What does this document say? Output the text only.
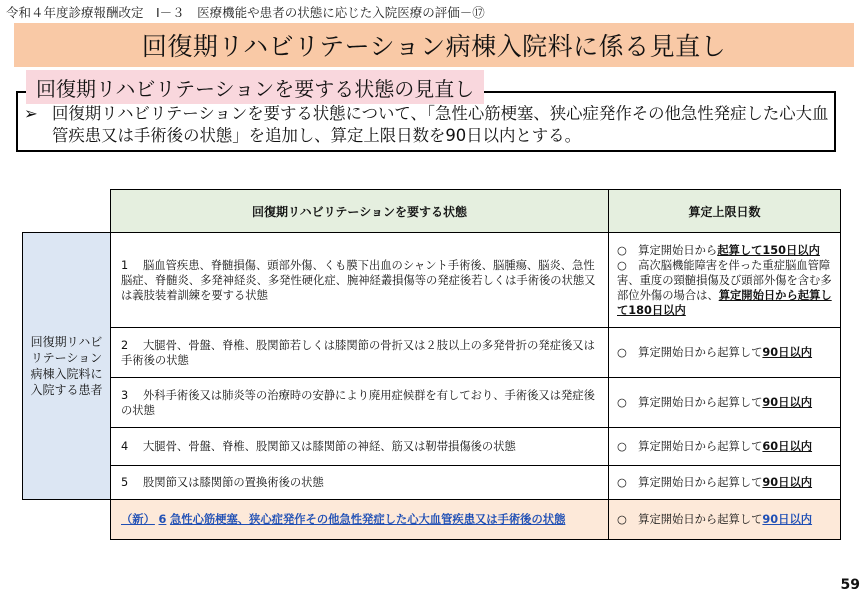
令和４年度診療報酬改定　Ⅰ－３　医療機能や患者の状態に応じた入院医療の評価－⑰
回復期リハビリテーション病棟入院料に係る見直し
回復期リハビリテーションを要する状態の見直し
➢ 回復期リハビリテーションを要する状態について、「急性心筋梗塞、狭心症発作その他急性発症した心大血管疾患又は手術後の状態」を追加し、算定上限日数を90日以内とする。
	回復期リハビリテーションを要する状態	算定上限日数
回復期リハビリテーション病棟入院料に入院する患者	1 脳血管疾患、脊髄損傷、頭部外傷、くも膜下出血のシャント手術後、脳腫瘍、脳炎、急性脳症、脊髄炎、多発神経炎、多発性硬化症、腕神経叢損傷等の発症後若しくは手術後の状態又は義肢装着訓練を要する状態	○　算定開始日から起算して150日以内
○　高次脳機能障害を伴った重症脳血管障害、重度の頸髄損傷及び頭部外傷を含む多部位外傷の場合は、算定開始日から起算して180日以内
	2 大腿骨、骨盤、脊椎、股関節若しくは膝関節の骨折又は２肢以上の多発骨折の発症後又は手術後の状態	○　算定開始日から起算して90日以内
	3 外科手術後又は肺炎等の治療時の安静により廃用症候群を有しており、手術後又は発症後の状態	○　算定開始日から起算して90日以内
	4 大腿骨、骨盤、脊椎、股関節又は膝関節の神経、筋又は靭帯損傷後の状態	○　算定開始日から起算して60日以内
	5 股関節又は膝関節の置換術後の状態	○　算定開始日から起算して90日以内
	（新） 6 急性心筋梗塞、狭心症発作その他急性発症した心大血管疾患又は手術後の状態	○　算定開始日から起算して90日以内
59
